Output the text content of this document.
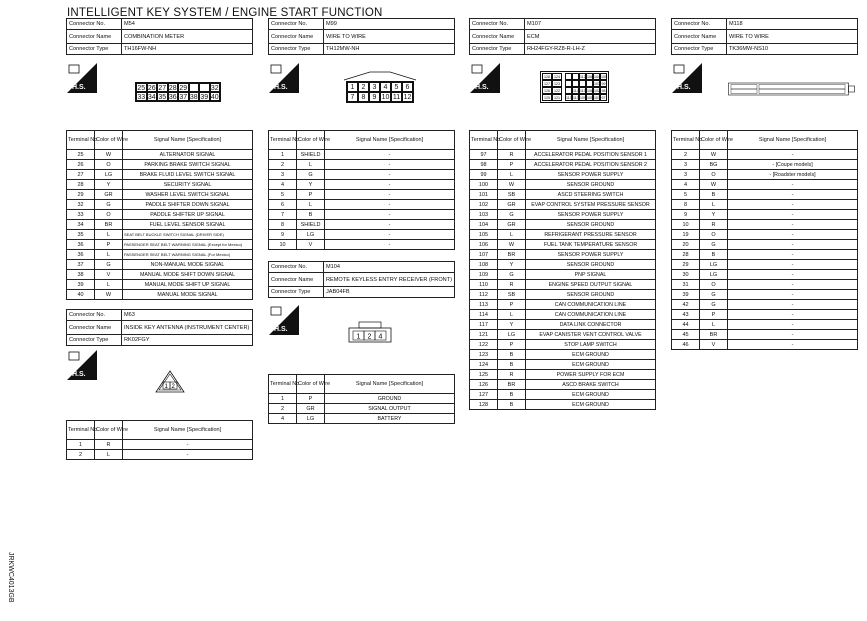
INTELLIGENT KEY SYSTEM / ENGINE START FUNCTION
JRKWC4013GB
Connector No.	M54
Connector Name	COMBINATION METER
Connector Type	TH16FW-NH
H.S.	25 26 27 28 29	32
33 34 35 36 37 38 39 40
Terminal No.	Color of Wire	Signal Name [Specification]
25	W	ALTERNATOR SIGNAL
26	O	PARKING BRAKE SWITCH SIGNAL
27	LG	BRAKE FLUID LEVEL SWITCH SIGNAL
28	Y	SECURITY SIGNAL
29	GR	WASHER LEVEL SWITCH SIGNAL
32	G	PADDLE SHIFTER DOWN SIGNAL
33	O	PADDLE SHIFTER UP SIGNAL
34	BR	FUEL LEVEL SENSOR SIGNAL
35	L	SEAT BELT BUCKLE SWITCH SIGNAL (DRIVER SIDE)
36	P	PASSENGER SEAT BELT WARNING SIGNAL (Except for Mexico)
36	L	PASSENGER SEAT BELT WARNING SIGNAL (For Mexico)
37	G	NON-MANUAL MODE SIGNAL
38	V	MANUAL MODE SHIFT DOWN SIGNAL
39	L	MANUAL MODE SHIFT UP SIGNAL
40	W	MANUAL MODE SIGNAL
Connector No.	M63
Connector Name	INSIDE KEY ANTENNA (INSTRUMENT CENTER)
Connector Type	RK02FGY
H.S.
1 2
Terminal No.	Color of Wire	Signal Name [Specification]
1	R	-
2	L	-
Connector No.	M99
Connector Name	WIRE TO WIRE
Connector Type	TH12MW-NH
H.S.	1	2	3	4	5	6
7	8	9 10 11 12
Terminal No.	Color of Wire	Signal Name [Specification]
1	SHIELD	-
2	L	-
3	G	-
4	Y	-
5	P	-
6	L	-
7	B	-
8	SHIELD	-
9	LG	-
10	V	-
Connector No.	M104
Connector Name	REMOTE KEYLESS ENTRY RECEIVER (FRONT)
Connector Type	JAB04FB
H.S.
1 2 4
Terminal No.	Color of Wire	Signal Name [Specification]
1	P	GROUND
2	GR	SIGNAL OUTPUT
4	LG	BATTERY
Connector No.	M107
Connector Name	ECM
Connector Type	RH24FGY-RZ8-R-LH-Z
H.S.
128	124	112 108 104 100
127	123	103 99
126	122	114 110 106 102 98
125	121	117 113 109 105 101 97
Terminal No.	Color of Wire	Signal Name [Specification]
97	R	ACCELERATOR PEDAL POSITION SENSOR 1
98	P	ACCELERATOR PEDAL POSITION SENSOR 2
99	L	SENSOR POWER SUPPLY
100	W	SENSOR GROUND
101	SB	ASCD STEERING SWITCH
102	GR	EVAP CONTROL SYSTEM PRESSURE SENSOR
103	G	SENSOR POWER SUPPLY
104	GR	SENSOR GROUND
105	L	REFRIGERANT PRESSURE SENSOR
106	W	FUEL TANK TEMPERATURE SENSOR
107	BR	SENSOR POWER SUPPLY
108	Y	SENSOR GROUND
109	G	PNP SIGNAL
110	R	ENGINE SPEED OUTPUT SIGNAL
112	SB	SENSOR GROUND
113	P	CAN COMMUNICATION LINE
114	L	CAN COMMUNICATION LINE
117	Y	DATA LINK CONNECTOR
121	LG	EVAP CANISTER VENT CONTROL VALVE
122	P	STOP LAMP SWITCH
123	B	ECM GROUND
124	B	ECM GROUND
125	R	POWER SUPPLY FOR ECM
126	BR	ASCD BRAKE SWITCH
127	B	ECM GROUND
128	B	ECM GROUND
Connector No.	M118
Connector Name	WIRE TO WIRE
Connector Type	TK36MW-NS10
H.S.
Terminal No.	Color of Wire	Signal Name [Specification]
2	W	-
3	BG	- [Coupe models]
3	O	- [Roadster models]
4	W	-
5	B	-
8	L	-
9	Y	-
10	R	-
19	O	-
20	G	-
28	B	-
29	LG	-
30	LG	-
31	O	-
39	G	-
42	G	-
43	P	-
44	L	-
45	BR	-
46	V	-
